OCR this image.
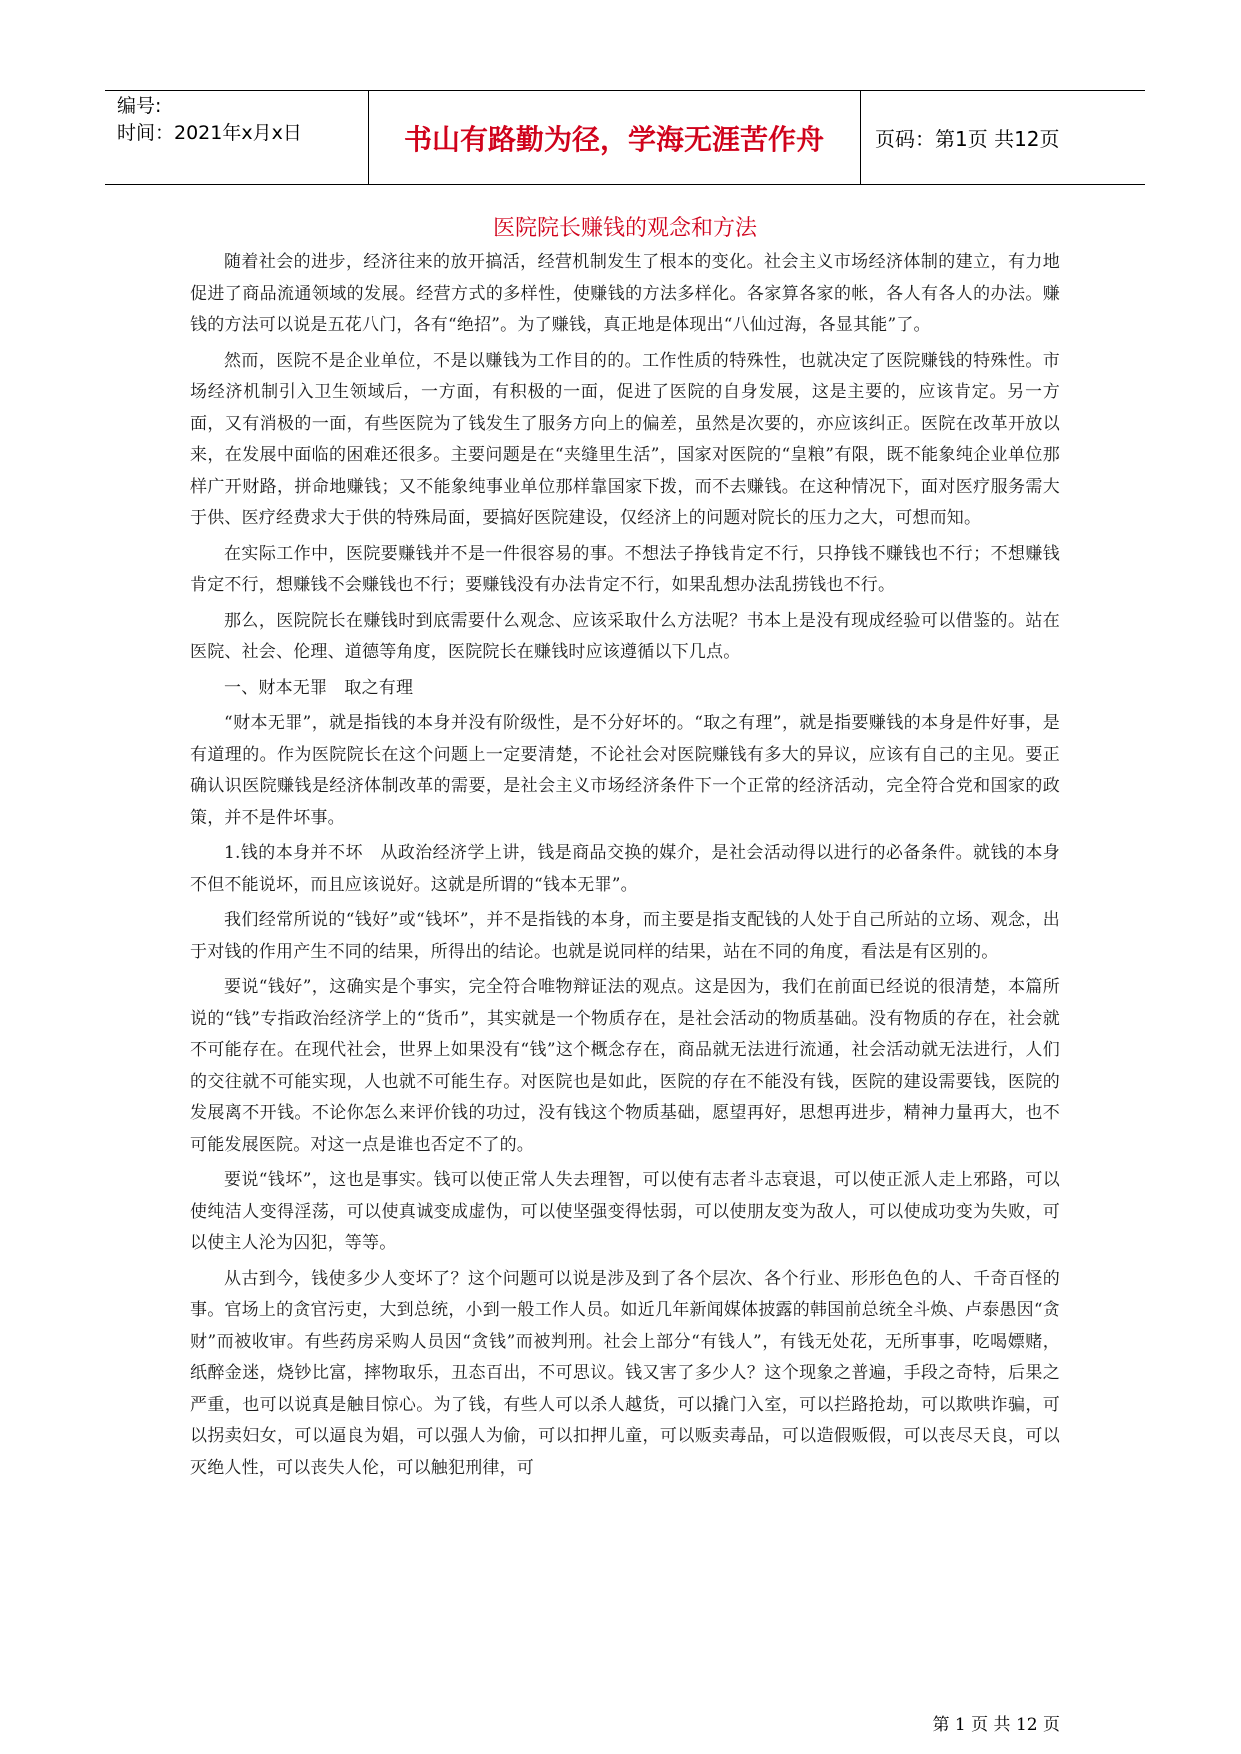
编号:
时间：2021年x月x日	书山有路勤为径，学海无涯苦作舟	页码：第1页 共12页
医院院长赚钱的观念和方法

随着社会的进步，经济往来的放开搞活，经营机制发生了根本的变化。社会主义市场经济体制的建立，有力地促进了商品流通领域的发展。经营方式的多样性，使赚钱的方法多样化。各家算各家的帐，各人有各人的办法。赚钱的方法可以说是五花八门，各有“绝招”。为了赚钱，真正地是体现出“八仙过海，各显其能”了。

然而，医院不是企业单位，不是以赚钱为工作目的的。工作性质的特殊性，也就决定了医院赚钱的特殊性。市场经济机制引入卫生领域后，一方面，有积极的一面，促进了医院的自身发展，这是主要的，应该肯定。另一方面，又有消极的一面，有些医院为了钱发生了服务方向上的偏差，虽然是次要的，亦应该纠正。医院在改革开放以来，在发展中面临的困难还很多。主要问题是在“夹缝里生活”，国家对医院的“皇粮”有限，既不能象纯企业单位那样广开财路，拼命地赚钱；又不能象纯事业单位那样靠国家下拨，而不去赚钱。在这种情况下，面对医疗服务需大于供、医疗经费求大于供的特殊局面，要搞好医院建设，仅经济上的问题对院长的压力之大，可想而知。

在实际工作中，医院要赚钱并不是一件很容易的事。不想法子挣钱肯定不行，只挣钱不赚钱也不行；不想赚钱肯定不行，想赚钱不会赚钱也不行；要赚钱没有办法肯定不行，如果乱想办法乱捞钱也不行。

那么，医院院长在赚钱时到底需要什么观念、应该采取什么方法呢？书本上是没有现成经验可以借鉴的。站在医院、社会、伦理、道德等角度，医院院长在赚钱时应该遵循以下几点。

一、财本无罪　取之有理

“财本无罪”，就是指钱的本身并没有阶级性，是不分好坏的。“取之有理”，就是指要赚钱的本身是件好事，是有道理的。作为医院院长在这个问题上一定要清楚，不论社会对医院赚钱有多大的异议，应该有自己的主见。要正确认识医院赚钱是经济体制改革的需要，是社会主义市场经济条件下一个正常的经济活动，完全符合党和国家的政策，并不是件坏事。

1.钱的本身并不坏　从政治经济学上讲，钱是商品交换的媒介，是社会活动得以进行的必备条件。就钱的本身不但不能说坏，而且应该说好。这就是所谓的“钱本无罪”。

我们经常所说的“钱好”或“钱坏”，并不是指钱的本身，而主要是指支配钱的人处于自己所站的立场、观念，出于对钱的作用产生不同的结果，所得出的结论。也就是说同样的结果，站在不同的角度，看法是有区别的。

要说“钱好”，这确实是个事实，完全符合唯物辩证法的观点。这是因为，我们在前面已经说的很清楚，本篇所说的“钱”专指政治经济学上的“货币”，其实就是一个物质存在，是社会活动的物质基础。没有物质的存在，社会就不可能存在。在现代社会，世界上如果没有“钱”这个概念存在，商品就无法进行流通，社会活动就无法进行，人们的交往就不可能实现，人也就不可能生存。对医院也是如此，医院的存在不能没有钱，医院的建设需要钱，医院的发展离不开钱。不论你怎么来评价钱的功过，没有钱这个物质基础，愿望再好，思想再进步，精神力量再大，也不可能发展医院。对这一点是谁也否定不了的。

要说“钱坏”，这也是事实。钱可以使正常人失去理智，可以使有志者斗志衰退，可以使正派人走上邪路，可以使纯洁人变得淫荡，可以使真诚变成虚伪，可以使坚强变得怯弱，可以使朋友变为敌人，可以使成功变为失败，可以使主人沦为囚犯，等等。

从古到今，钱使多少人变坏了？这个问题可以说是涉及到了各个层次、各个行业、形形色色的人、千奇百怪的事。官场上的贪官污吏，大到总统，小到一般工作人员。如近几年新闻媒体披露的韩国前总统全斗焕、卢泰愚因“贪财”而被收审。有些药房采购人员因“贪钱”而被判刑。社会上部分“有钱人”，有钱无处花，无所事事，吃喝嫖赌，纸醉金迷，烧钞比富，摔物取乐，丑态百出，不可思议。钱又害了多少人？这个现象之普遍，手段之奇特，后果之严重，也可以说真是触目惊心。为了钱，有些人可以杀人越货，可以撬门入室，可以拦路抢劫，可以欺哄诈骗，可以拐卖妇女，可以逼良为娼，可以强人为偷，可以扣押儿童，可以贩卖毒品，可以造假贩假，可以丧尽天良，可以灭绝人性，可以丧失人伦，可以触犯刑律，可

第 1 页 共 12 页
